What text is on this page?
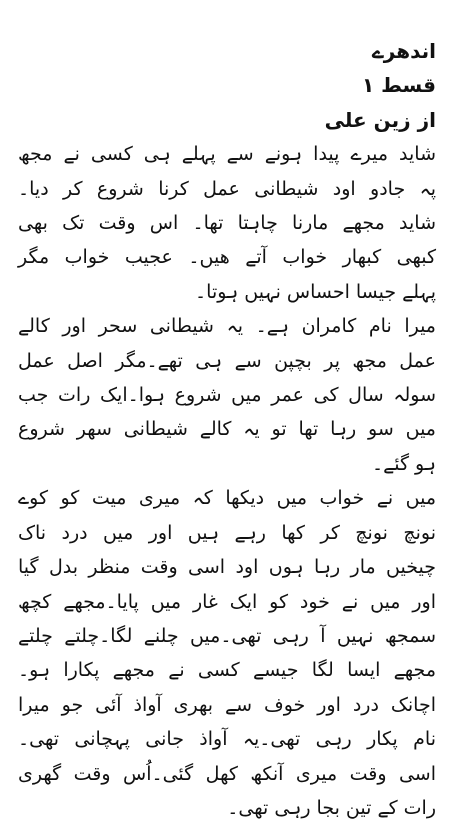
اندھرے
قسط ۱
از زین علی
شاید میرے پیدا ہونے سے پہلے ہی کسی نے مجھ
پہ جادو اود شیطانی عمل کرنا شروع کر دیا۔
شاید مجھے مارنا چاہتا تھا۔ اس وقت تک بھی
کبھی کبھار خواب آتے ھیں۔ عجیب خواب مگر
پہلے جیسا احساس نہیں ہوتا۔
میرا نام کامران ہے۔ یہ شیطانی سحر اور کالے
عمل مجھ پر بچپن سے ہی تھے۔مگر اصل عمل
سولہ سال کی عمر میں شروع ہوا۔ایک رات جب
میں سو رہا تھا تو یہ کالے شیطانی سھر شروع
ہو گئے۔
میں نے خواب میں دیکھا کہ میری میت کو کوے
نونچ نونچ کر کھا رہے ہیں اور میں درد ناک
چیخیں مار رہا ہوں اود اسی وقت منظر بدل گیا
اور میں نے خود کو ایک غار میں پایا۔مجھے کچھ
سمجھ نہیں آ رہی تھی۔میں چلنے لگا۔چلتے چلتے
مجھے ایسا لگا جیسے کسی نے مجھے پکارا ہو۔
اچانک درد اور خوف سے بھری آواذ آئی جو میرا
نام پکار رہی تھی۔یہ آواذ جانی پہچانی تھی۔
اسی وقت میری آنکھ کھل گئی۔اُس وقت گھری
رات کے تین بجا رہی تھی۔
